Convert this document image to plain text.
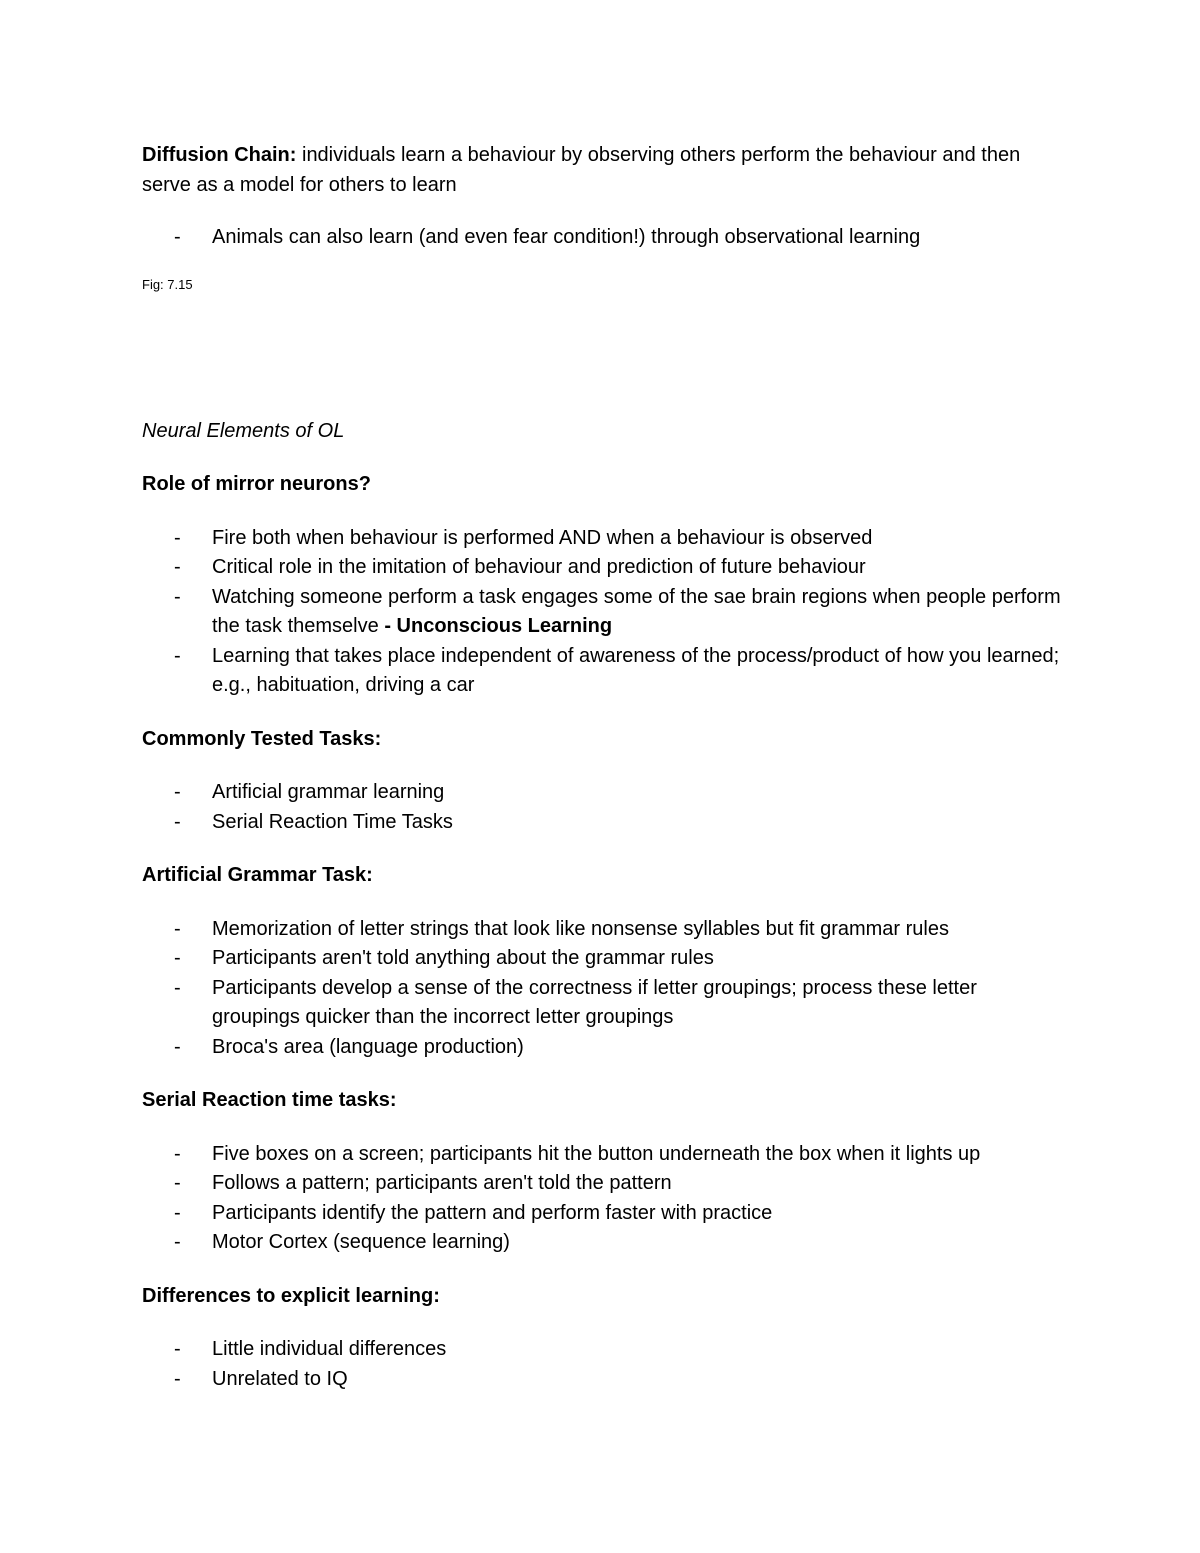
Diffusion Chain: individuals learn a behaviour by observing others perform the behaviour and then serve as a model for others to learn

- Animals can also learn (and even fear condition!) through observational learning

Fig: 7.15

Neural Elements of OL

Role of mirror neurons?

- Fire both when behaviour is performed AND when a behaviour is observed
- Critical role in the imitation of behaviour and prediction of future behaviour
- Watching someone perform a task engages some of the sae brain regions when people perform the task themselve - Unconscious Learning
- Learning that takes place independent of awareness of the process/product of how you learned; e.g., habituation, driving a car

Commonly Tested Tasks:

- Artificial grammar learning
- Serial Reaction Time Tasks

Artificial Grammar Task:

- Memorization of letter strings that look like nonsense syllables but fit grammar rules
- Participants aren't told anything about the grammar rules
- Participants develop a sense of the correctness if letter groupings; process these letter groupings quicker than the incorrect letter groupings
- Broca's area (language production)

Serial Reaction time tasks:

- Five boxes on a screen; participants hit the button underneath the box when it lights up
- Follows a pattern; participants aren't told the pattern
- Participants identify the pattern and perform faster with practice
- Motor Cortex (sequence learning)

Differences to explicit learning:

- Little individual differences
- Unrelated to IQ
